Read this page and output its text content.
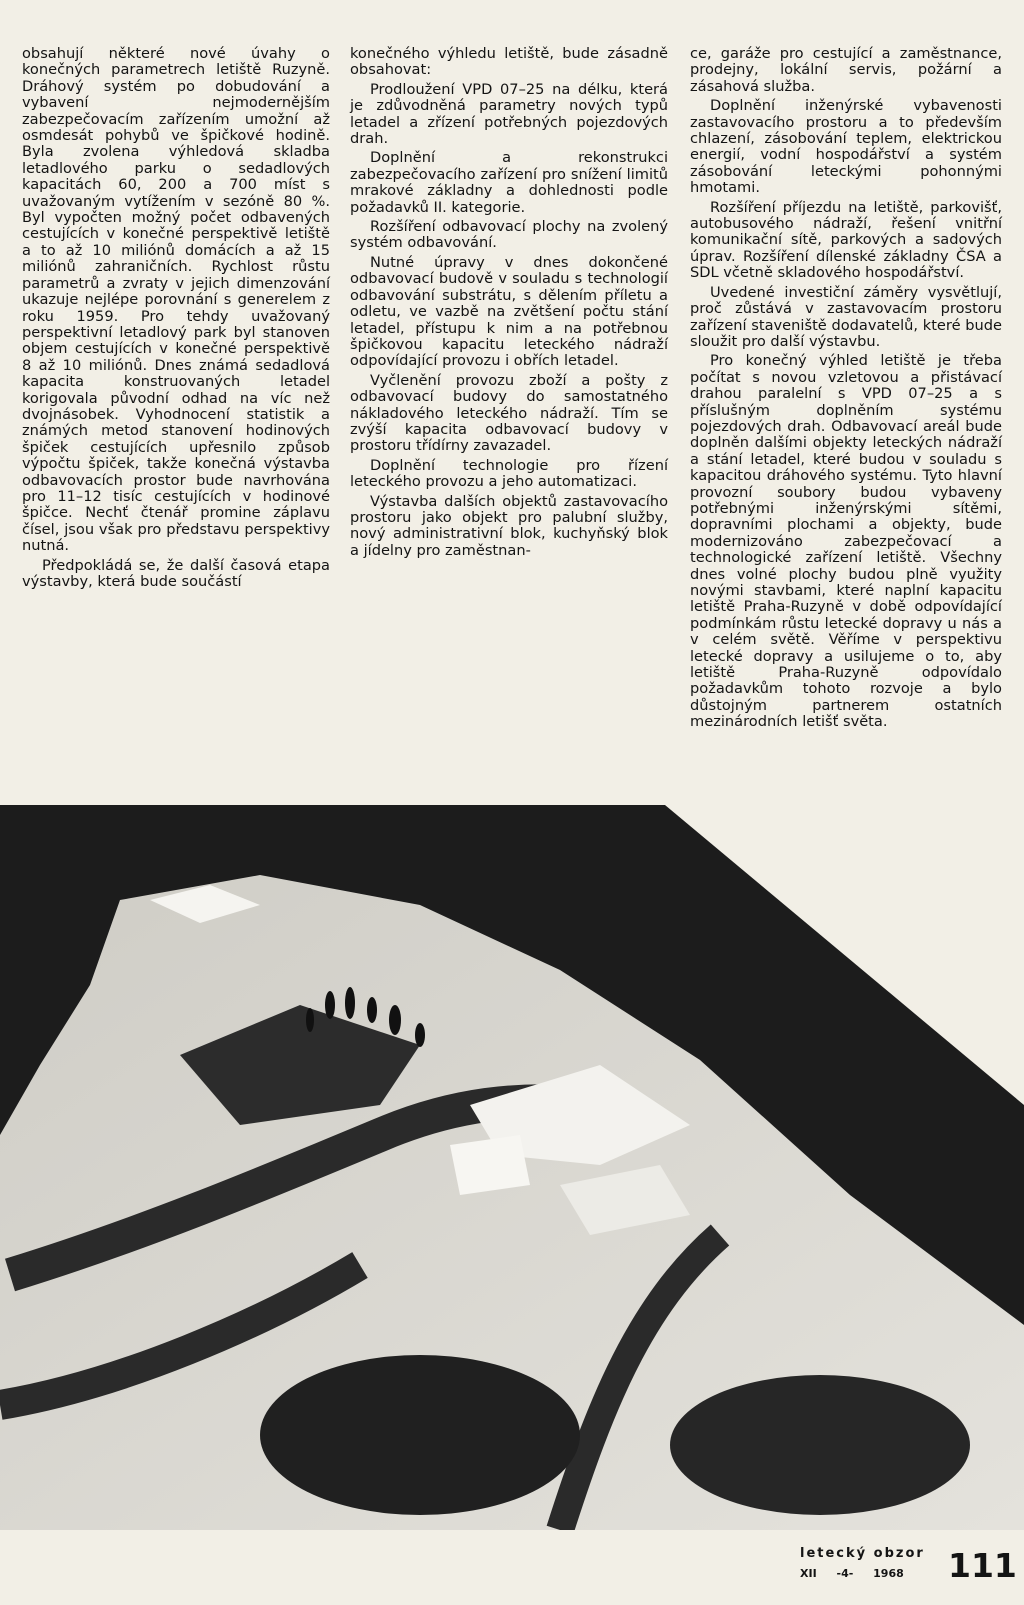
obsahují některé nové úvahy o konečných parametrech letiště Ruzyně. Dráhový systém po dobudování a vybavení nejmodernějším zabezpečovacím zařízením umožní až osmdesát pohybů ve špičkové hodině. Byla zvolena výhledová skladba letadlového parku o sedadlových kapacitách 60, 200 a 700 míst s uvažovaným vytížením v sezóně 80 %. Byl vypočten možný počet odbavených cestujících v konečné perspektivě letiště a to až 10 miliónů domácích a až 15 miliónů zahraničních. Rychlost růstu parametrů a zvraty v jejich dimenzování ukazuje nejlépe porovnání s generelem z roku 1959. Pro tehdy uvažovaný perspektivní letadlový park byl stanoven objem cestujících v konečné perspektivě 8 až 10 miliónů. Dnes známá sedadlová kapacita konstruovaných letadel korigovala původní odhad na víc než dvojnásobek. Vyhodnocení statistik a známých metod stanovení hodinových špiček cestujících upřesnilo způsob výpočtu špiček, takže konečná výstavba odbavovacích prostor bude navrhována pro 11–12 tisíc cestujících v hodinové špičce. Nechť čtenář promine záplavu čísel, jsou však pro představu perspektivy nutná.

Předpokládá se, že další časová etapa výstavby, která bude součástí

konečného výhledu letiště, bude zásadně obsahovat:

Prodloužení VPD 07–25 na délku, která je zdůvodněná parametry nových typů letadel a zřízení potřebných pojezdových drah.

Doplnění a rekonstrukci zabezpečovacího zařízení pro snížení limitů mrakové základny a dohlednosti podle požadavků II. kategorie.

Rozšíření odbavovací plochy na zvolený systém odbavování.

Nutné úpravy v dnes dokončené odbavovací budově v souladu s technologií odbavování substrátu, s dělením příletu a odletu, ve vazbě na zvětšení počtu stání letadel, přístupu k nim a na potřebnou špičkovou kapacitu leteckého nádraží odpovídající provozu i obřích letadel.

Vyčlenění provozu zboží a pošty z odbavovací budovy do samostatného nákladového leteckého nádraží. Tím se zvýší kapacita odbavovací budovy v prostoru třídírny zavazadel.

Doplnění technologie pro řízení leteckého provozu a jeho automatizaci.

Výstavba dalších objektů zastavovacího prostoru jako objekt pro palubní služby, nový administrativní blok, kuchyňský blok a jídelny pro zaměstnan-

ce, garáže pro cestující a zaměstnance, prodejny, lokální servis, požární a zásahová služba.

Doplnění inženýrské vybavenosti zastavovacího prostoru a to především chlazení, zásobování teplem, elektrickou energií, vodní hospodářství a systém zásobování leteckými pohonnými hmotami.

Rozšíření příjezdu na letiště, parkovišť, autobusového nádraží, řešení vnitřní komunikační sítě, parkových a sadových úprav. Rozšíření dílenské základny ČSA a SDL včetně skladového hospodářství.

Uvedené investiční záměry vysvětlují, proč zůstává v zastavovacím prostoru zařízení staveniště dodavatelů, které bude sloužit pro další výstavbu.

Pro konečný výhled letiště je třeba počítat s novou vzletovou a přistávací drahou paralelní s VPD 07–25 a s příslušným doplněním systému pojezdových drah. Odbavovací areál bude doplněn dalšími objekty leteckých nádraží a stání letadel, které budou v souladu s kapacitou dráhového systému. Tyto hlavní provozní soubory budou vybaveny potřebnými inženýrskými sítěmi, dopravními plochami a objekty, bude modernizováno zabezpečovací a technologické zařízení letiště. Všechny dnes volné plochy budou plně využity novými stavbami, které naplní kapacitu letiště Praha-Ruzyně v době odpovídající podmínkám růstu letecké dopravy u nás a v celém světě. Věříme v perspektivu letecké dopravy a usilujeme o to, aby letiště Praha-Ruzyně odpovídalo požadavkům tohoto rozvoje a bylo důstojným partnerem ostatních mezinárodních letišť světa.

letecký obzor
XII -4- 1968	111
